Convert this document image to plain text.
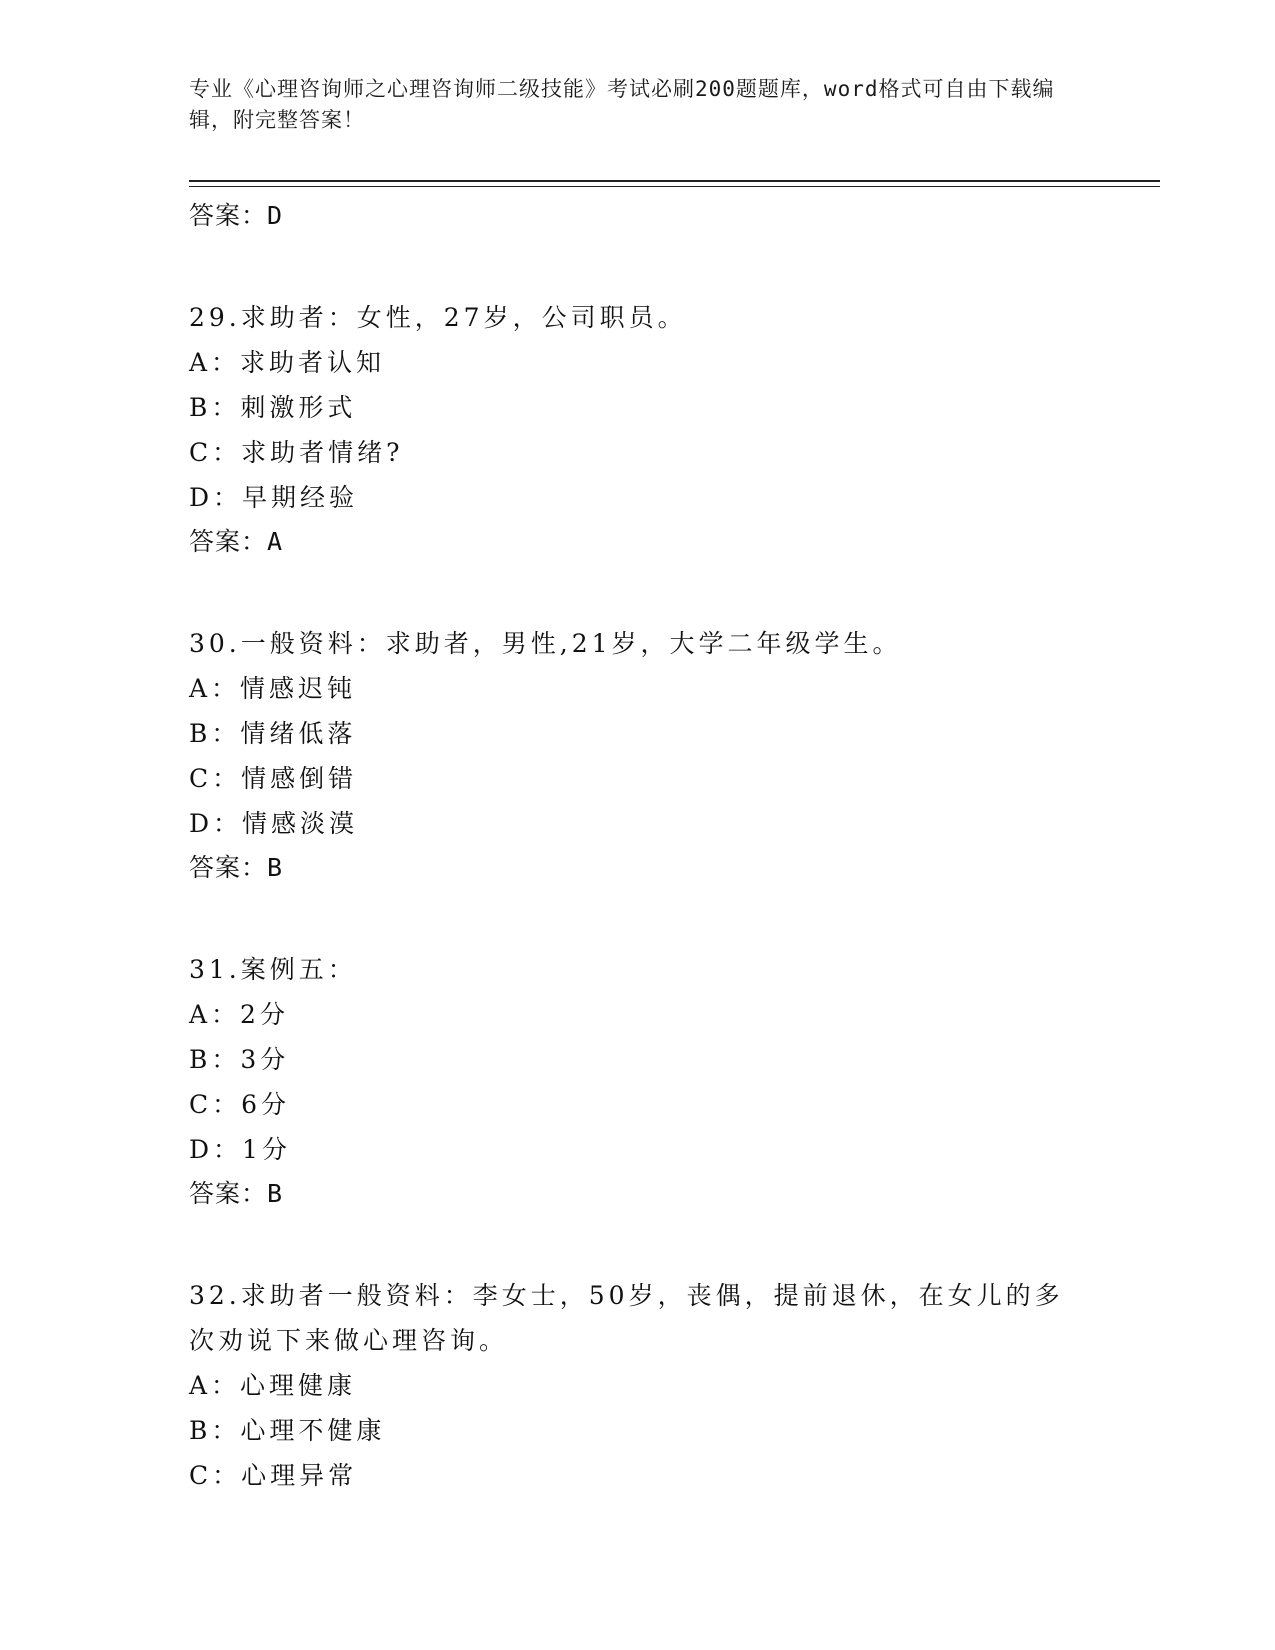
专业《心理咨询师之心理咨询师二级技能》考试必刷200题题库，word格式可自由下载编辑，附完整答案！

答案：D

29.求助者：女性，27岁，公司职员。

A：求助者认知

B：刺激形式

C：求助者情绪?

D：早期经验

答案：A

30.一般资料：求助者，男性,21岁，大学二年级学生。

A：情感迟钝

B：情绪低落

C：情感倒错

D：情感淡漠

答案：B

31.案例五：

A：2分

B：3分

C：6分

D：1分

答案：B

32.求助者一般资料：李女士，50岁，丧偶，提前退休，在女儿的多次劝说下来做心理咨询。

A：心理健康

B：心理不健康

C：心理异常
